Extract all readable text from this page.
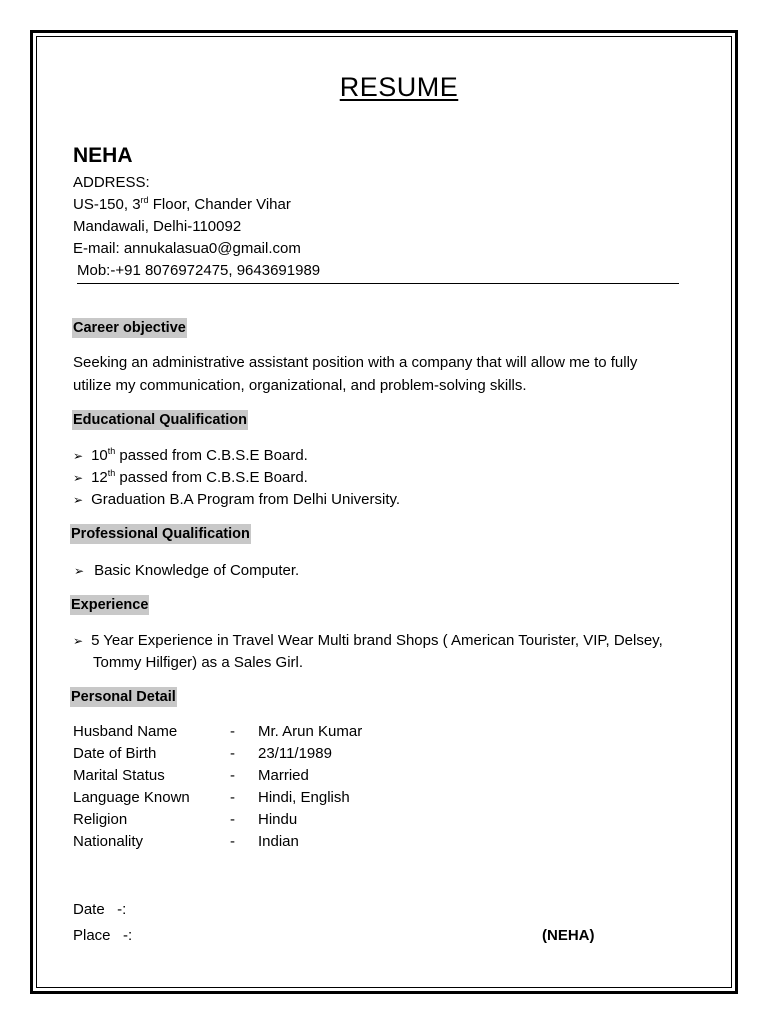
RESUME
NEHA
ADDRESS:
US-150, 3rd Floor, Chander Vihar
Mandawali, Delhi-110092
E-mail: annukalasua0@gmail.com
Mob:-+91 8076972475, 9643691989
Career objective
Seeking an administrative assistant position with a company that will allow me to fully
utilize my communication, organizational, and problem-solving skills.
Educational Qualification
➢ 10th passed from C.B.S.E Board.
➢ 12th passed from C.B.S.E Board.
➢ Graduation B.A Program from Delhi University.
Professional Qualification
➢ Basic Knowledge of Computer.
Experience
➢ 5 Year Experience in Travel Wear Multi brand Shops ( American Tourister, VIP, Delsey,
Tommy Hilfiger) as a Sales Girl.
Personal Detail
Husband Name	- Mr. Arun Kumar
Date of Birth	- 23/11/1989
Marital Status	- Married
Language Known	- Hindi, English
Religion	- Hindu
Nationality	- Indian
Date   -:
Place   -:	(NEHA)
